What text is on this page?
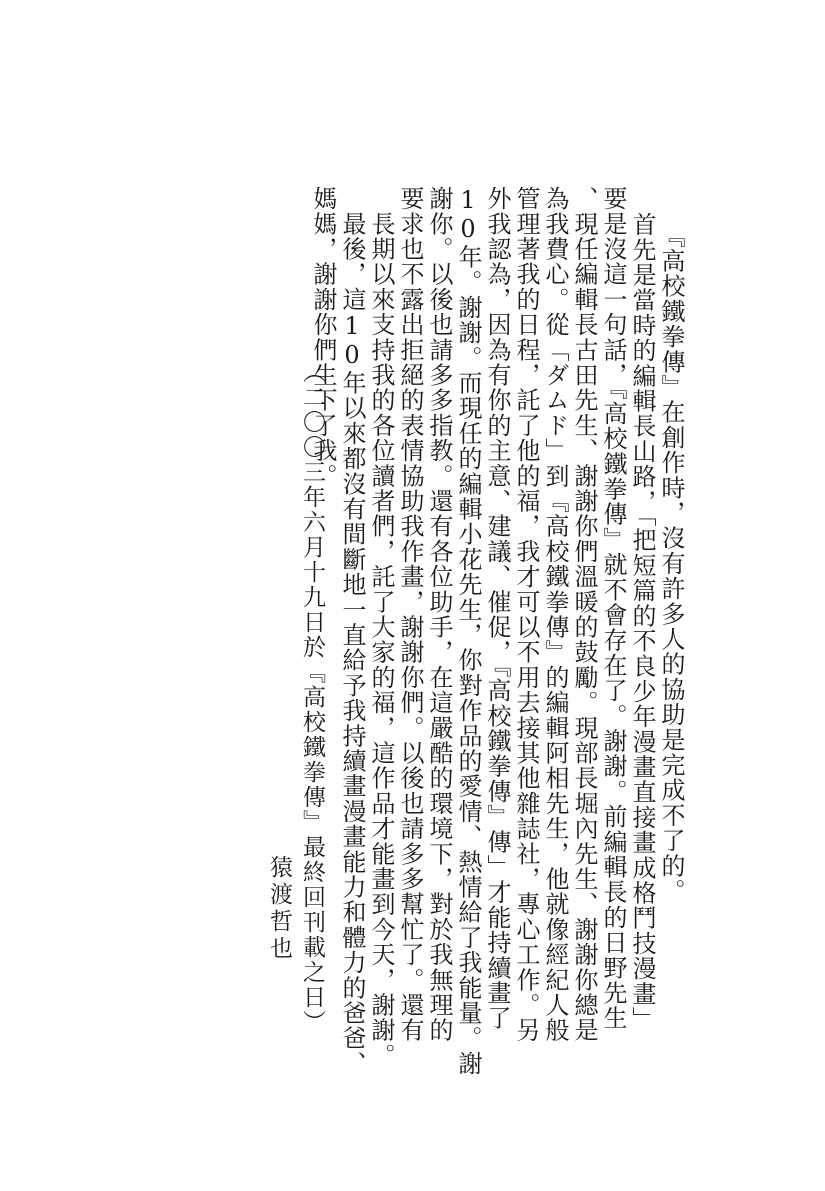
　『高校鐵拳傳』在創作時，沒有許多人的協助是完成不了的。
首先是當時的編輯長山路，「把短篇的不良少年漫畫直接畫成格鬥技漫畫」
要是沒這一句話，『高校鐵拳傳』就不會存在了。謝謝。前編輯長的日野先生
、現任編輯長古田先生、謝謝你們溫暖的鼓勵。現部長堀內先生、謝謝你總是
為我費心。從「ダムド」到『高校鐵拳傳』的編輯阿相先生，他就像經紀人般
管理著我的日程，託了他的福，我才可以不用去接其他雜誌社，專心工作。另
外我認為，因為有你的主意、建議、催促，『高校鐵拳傳』傳」才能持續畫了
10年。謝謝。而現任的編輯小花先生，你對作品的愛情、熱情給了我能量。謝
謝你。以後也請多多指教。還有各位助手，在這嚴酷的環境下，對於我無理的
要求也不露出拒絕的表情協助我作畫，謝謝你們。以後也請多多幫忙了。還有
　長期以來支持我的各位讀者們，託了大家的福，這作品才能畫到今天，謝謝。
　最後，這10年以來都沒有間斷地一直給予我持續畫漫畫能力和體力的爸爸、
媽媽，謝謝你們生下了我。
（二〇〇三年六月十九日於『高校鐵拳傳』最終回刊載之日）
猿渡哲也
